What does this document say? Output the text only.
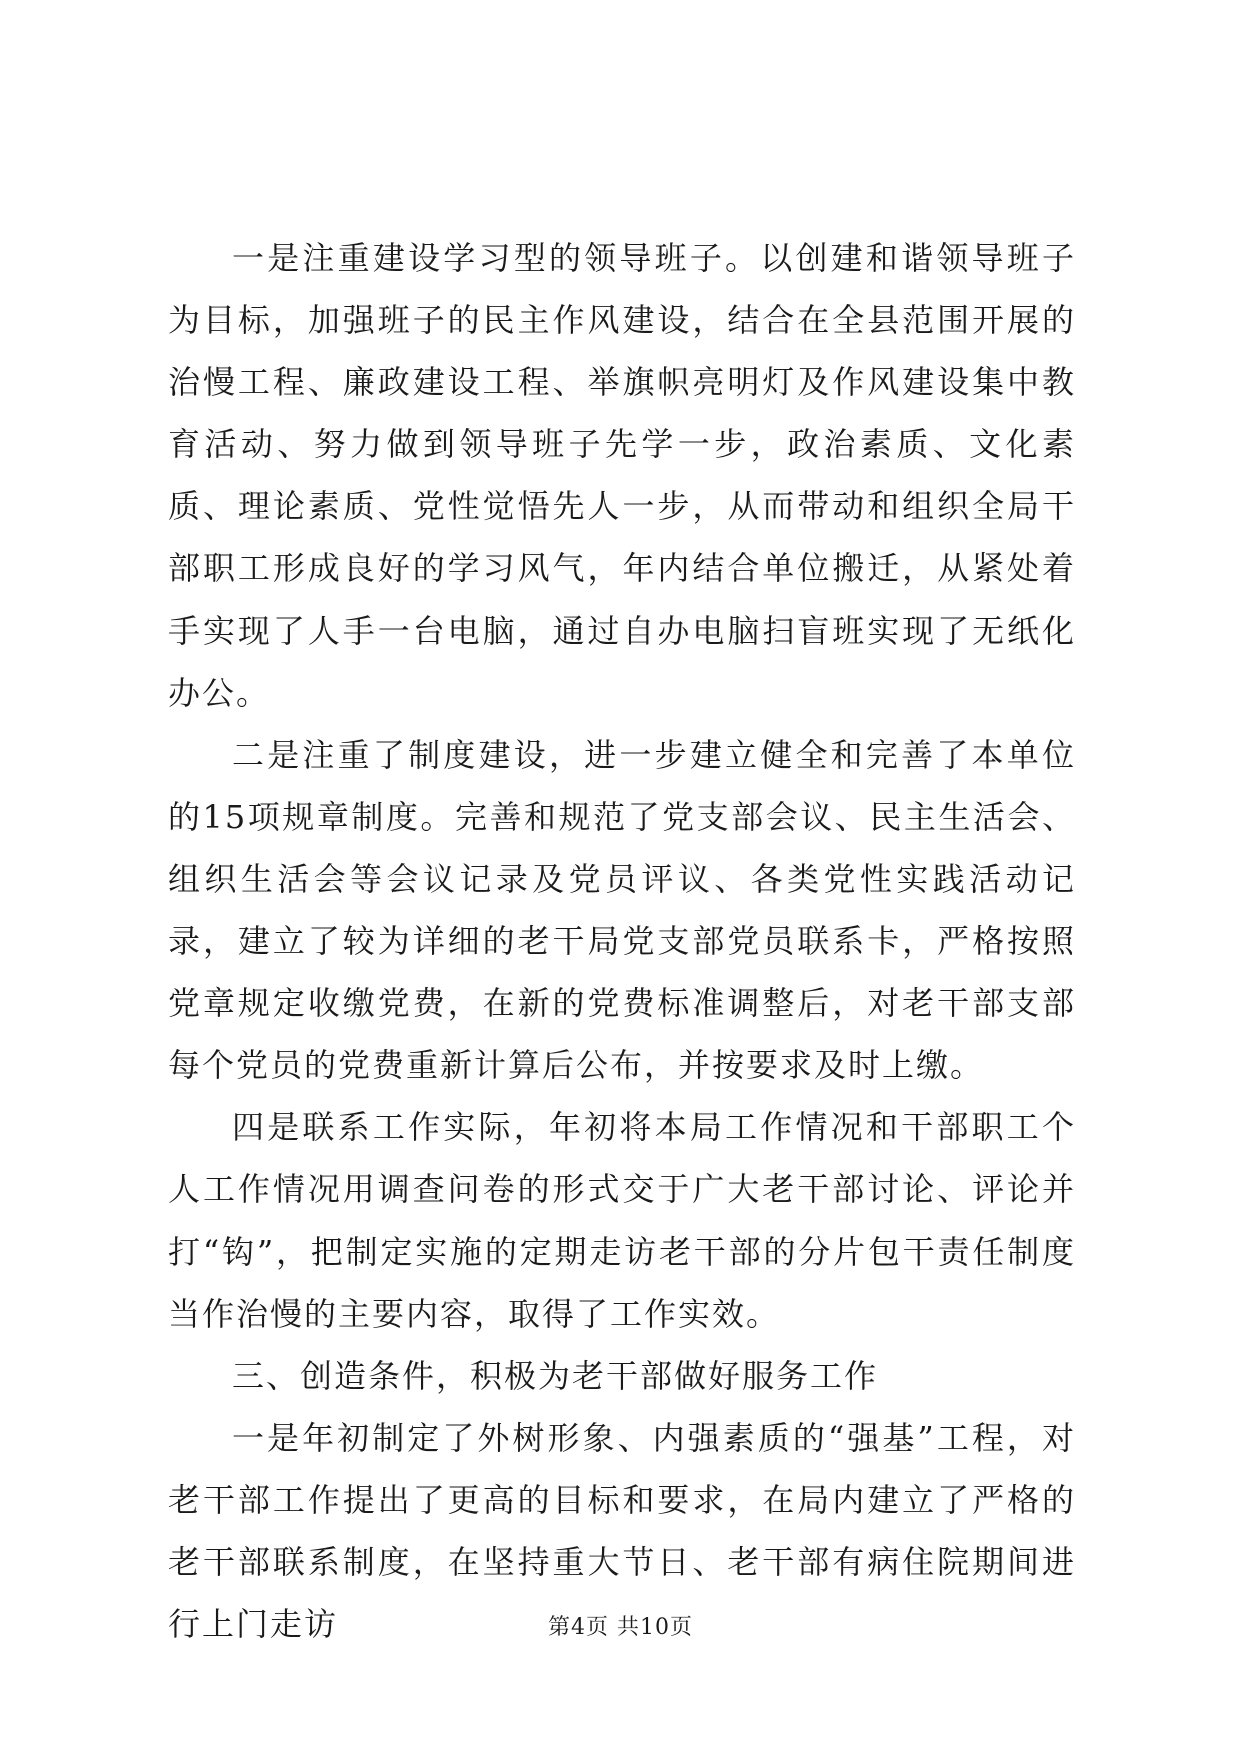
一是注重建设学习型的领导班子。以创建和谐领导班子为目标，加强班子的民主作风建设，结合在全县范围开展的治慢工程、廉政建设工程、举旗帜亮明灯及作风建设集中教育活动、努力做到领导班子先学一步，政治素质、文化素质、理论素质、党性觉悟先人一步，从而带动和组织全局干部职工形成良好的学习风气，年内结合单位搬迁，从紧处着手实现了人手一台电脑，通过自办电脑扫盲班实现了无纸化办公。

二是注重了制度建设，进一步建立健全和完善了本单位的15项规章制度。完善和规范了党支部会议、民主生活会、组织生活会等会议记录及党员评议、各类党性实践活动记录，建立了较为详细的老干局党支部党员联系卡，严格按照党章规定收缴党费，在新的党费标准调整后，对老干部支部每个党员的党费重新计算后公布，并按要求及时上缴。

四是联系工作实际，年初将本局工作情况和干部职工个人工作情况用调查问卷的形式交于广大老干部讨论、评论并打“钩”，把制定实施的定期走访老干部的分片包干责任制度当作治慢的主要内容，取得了工作实效。

三、创造条件，积极为老干部做好服务工作

一是年初制定了外树形象、内强素质的“强基”工程，对老干部工作提出了更高的目标和要求，在局内建立了严格的老干部联系制度，在坚持重大节日、老干部有病住院期间进行上门走访	第4页 共10页
